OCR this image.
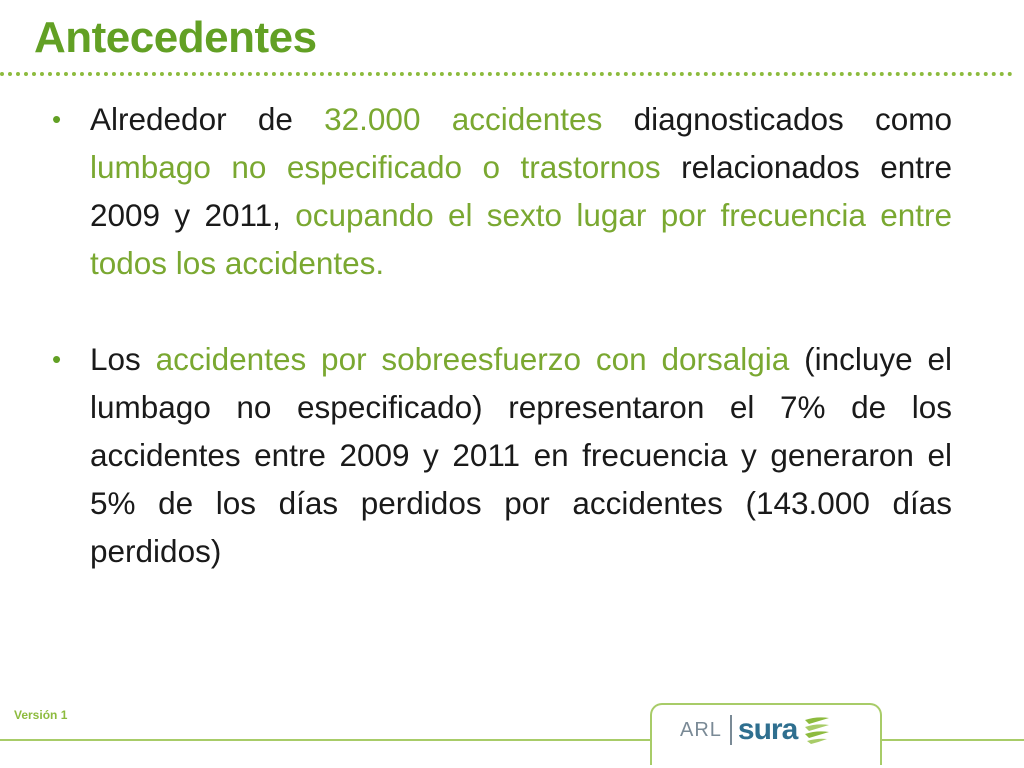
Antecedentes
• Alrededor de 32.000 accidentes diagnosticados como lumbago no especificado o trastornos relacionados entre 2009 y 2011, ocupando el sexto lugar por frecuencia entre todos los accidentes.
• Los accidentes por sobreesfuerzo con dorsalgia (incluye el lumbago no especificado) representaron el 7% de los accidentes entre 2009 y 2011 en frecuencia y generaron el 5% de los días perdidos por accidentes (143.000 días perdidos)
Versión 1
ARL sura
